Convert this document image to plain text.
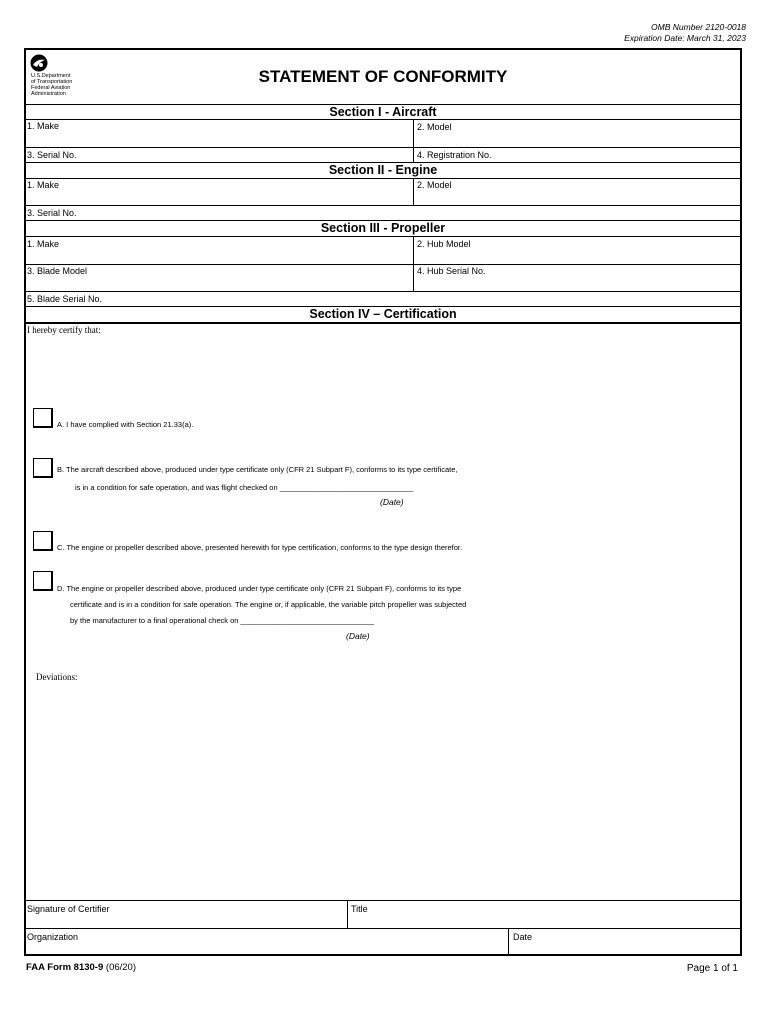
OMB Number 2120-0018
Expiration Date: March 31, 2023
U.S.Department
of Transportation
Federal Aviation
Administration
STATEMENT OF CONFORMITY
Section I - Aircraft
1. Make	2. Model
3. Serial No.	4. Registration No.
Section II - Engine
1. Make	2. Model
3. Serial No.
Section III - Propeller
1. Make	2. Hub Model
3. Blade Model	4. Hub Serial No.
5. Blade Serial No.
Section IV – Certification
I hereby certify that:
A. I have complied with Section 21.33(a).
B. The aircraft described above, produced under type certificate only (CFR 21 Subpart F), conforms to its type certificate,
is in a condition for safe operation, and was flight checked on ________________________________
(Date)
C. The engine or propeller described above, presented herewith for type certification, conforms to the type design therefor.
D. The engine or propeller described above, produced under type certificate only (CFR 21 Subpart F), conforms to its type
certificate and is in a condition for safe operation. The engine or, if applicable, the variable pitch propeller was subjected
by the manufacturer to a final operational check on ________________________________
(Date)
Deviations:
Signature of Certifier	Title
Organization	Date
FAA Form 8130-9 (06/20)	Page 1 of 1
